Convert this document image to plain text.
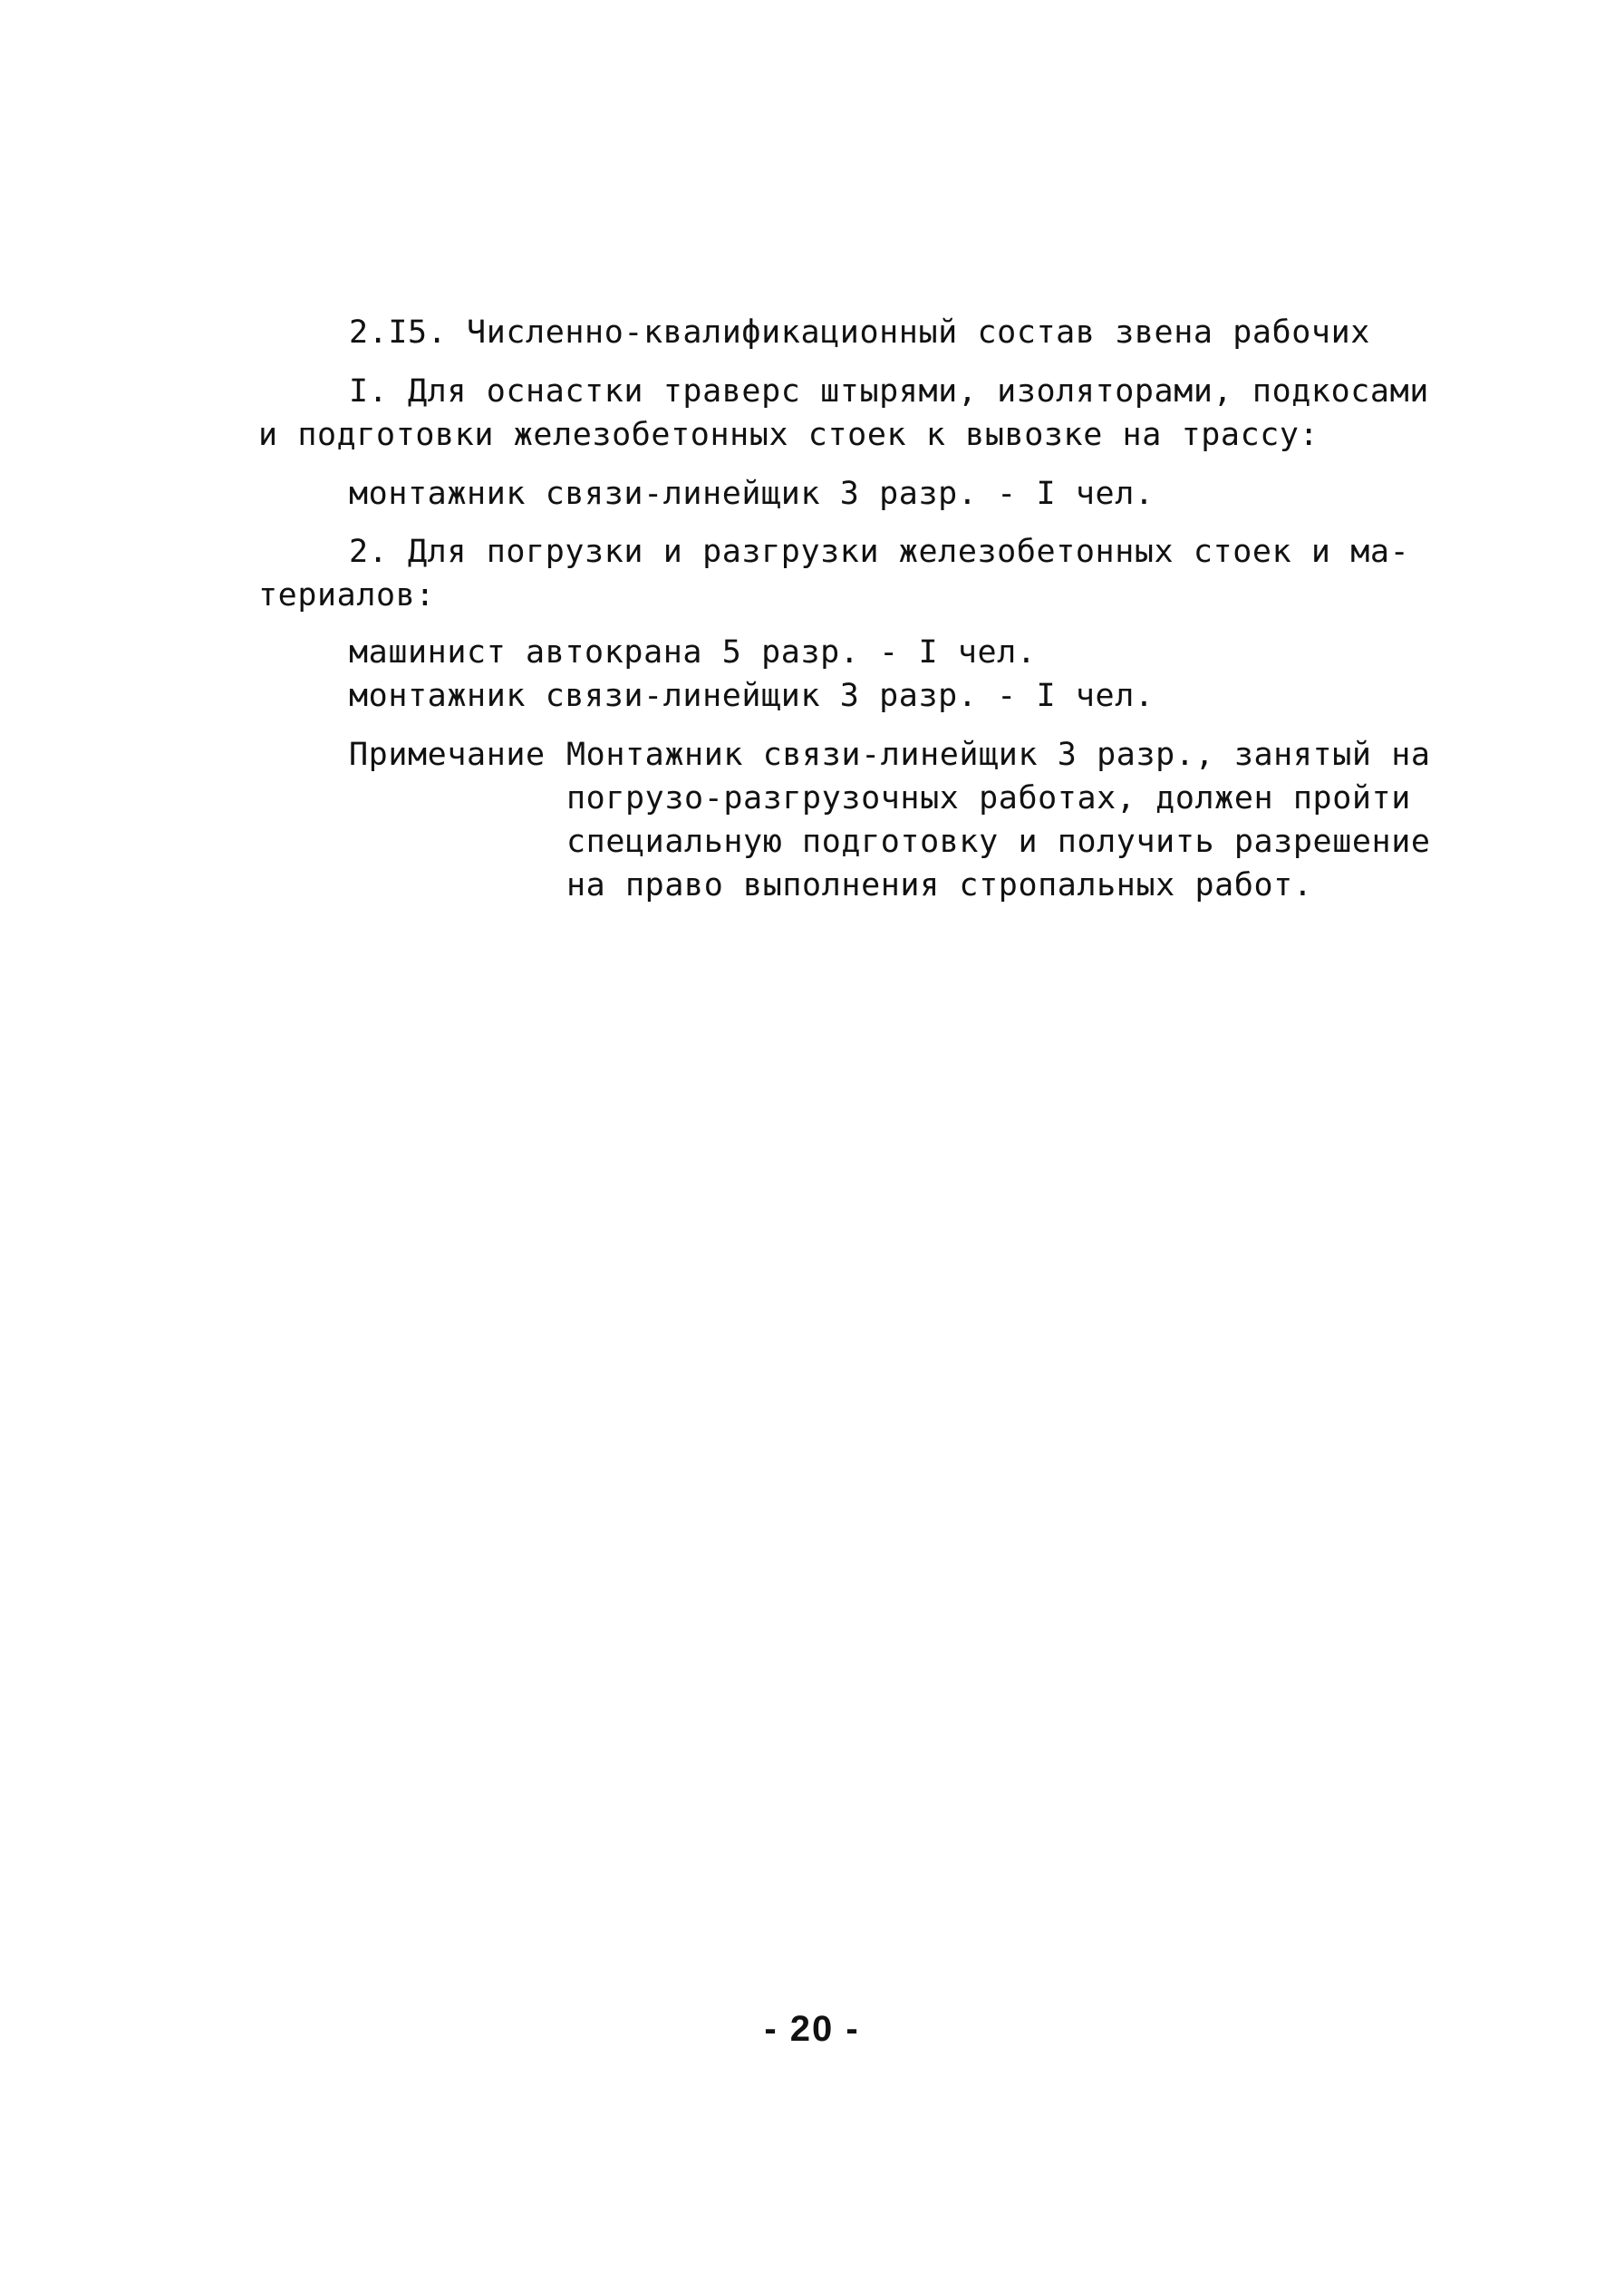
2.I5. Численно-квалификационный состав звена рабочих
I. Для оснастки траверс штырями, изоляторами, подкосами
и подготовки железобетонных стоек к вывозке на трассу:
монтажник связи-линейщик 3 разр. - I чел.
2. Для погрузки и разгрузки железобетонных стоек и ма-
териалов:
машинист автокрана 5 разр. - I чел.
монтажник связи-линейщик 3 разр. - I чел.
Примечание Монтажник связи-линейщик 3 разр., занятый на
погрузо-разгрузочных работах, должен пройти
специальную подготовку и получить разрешение
на право выполнения стропальных работ.
- 20 -
